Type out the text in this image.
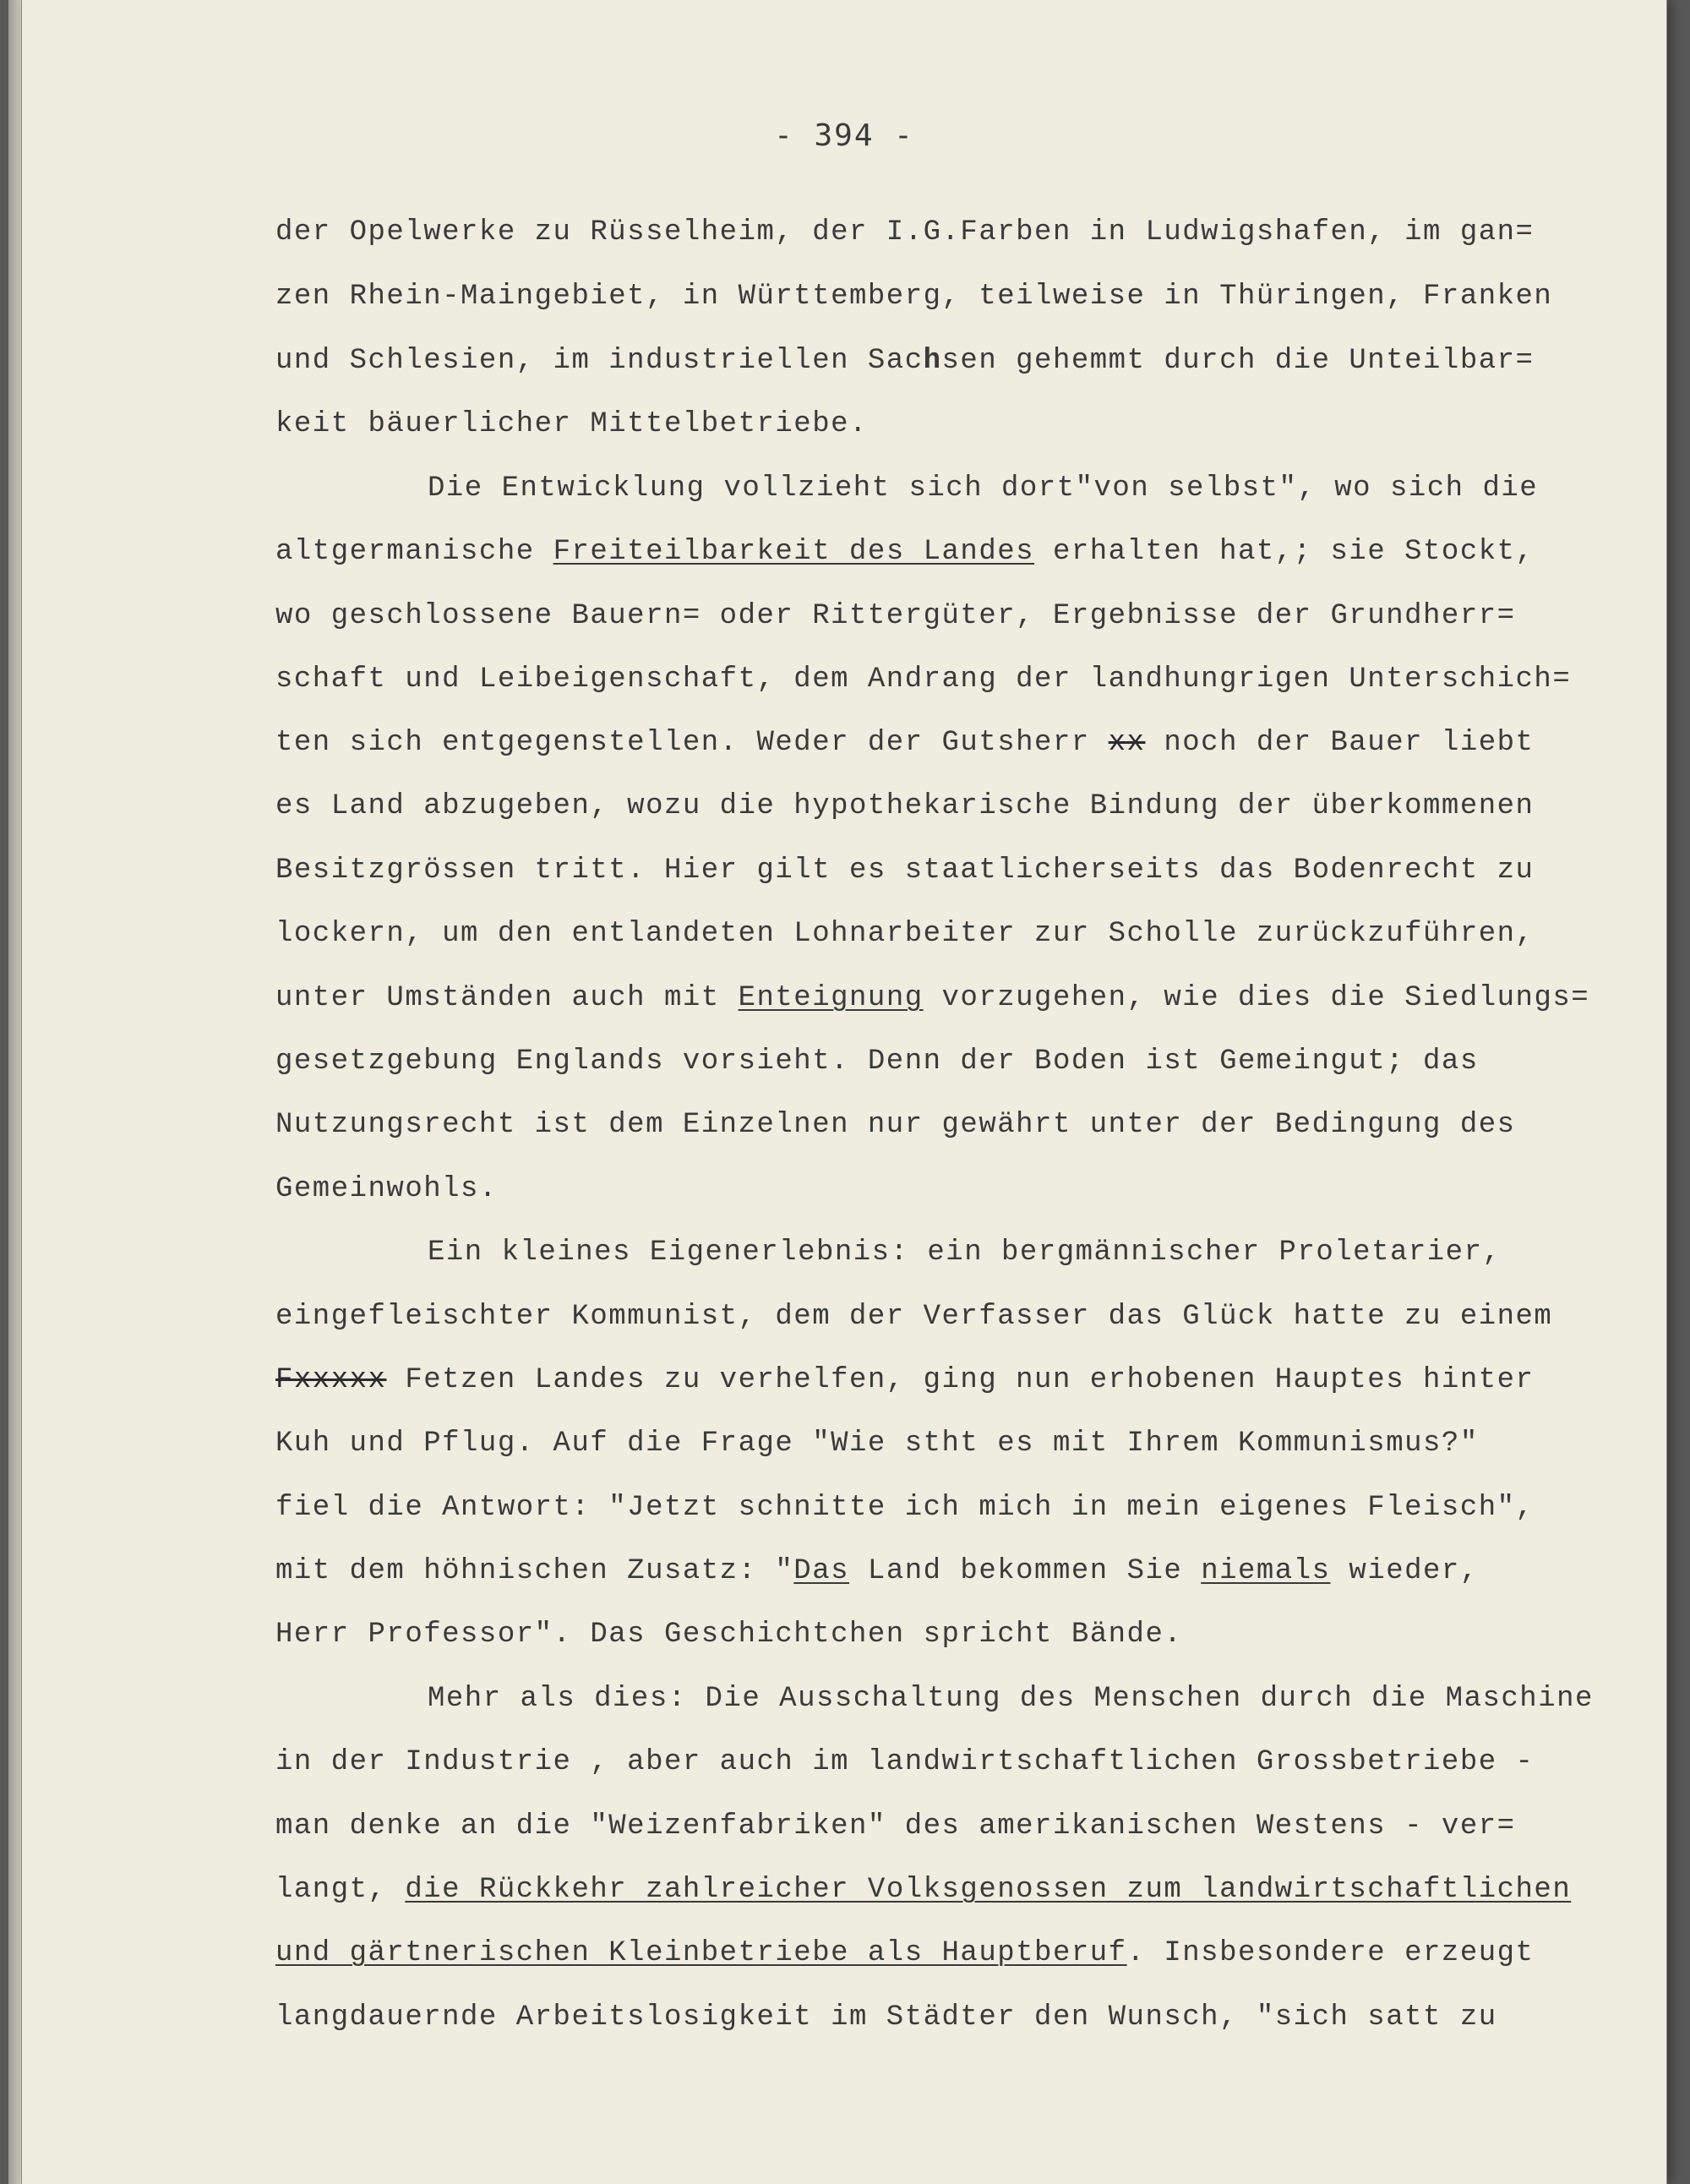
- 394 -
der Opelwerke zu Rüsselheim, der I.G.Farben in Ludwigshafen, im gan=
zen Rhein-Maingebiet, in Württemberg, teilweise in Thüringen, Franken
und Schlesien, im industriellen Sachsen gehemmt durch die Unteilbar=
keit bäuerlicher Mittelbetriebe.
Die Entwicklung vollzieht sich dort"von selbst", wo sich die
altgermanische Freiteilbarkeit des Landes erhalten hat,; sie Stockt,
wo geschlossene Bauern= oder Rittergüter, Ergebnisse der Grundherr=
schaft und Leibeigenschaft, dem Andrang der landhungrigen Unterschich=
ten sich entgegenstellen. Weder der Gutsherr xx noch der Bauer liebt
es Land abzugeben, wozu die hypothekarische Bindung der überkommenen
Besitzgrössen tritt. Hier gilt es staatlicherseits das Bodenrecht zu
lockern, um den entlandeten Lohnarbeiter zur Scholle zurückzuführen,
unter Umständen auch mit Enteignung vorzugehen, wie dies die Siedlungs=
gesetzgebung Englands vorsieht. Denn der Boden ist Gemeingut; das
Nutzungsrecht ist dem Einzelnen nur gewährt unter der Bedingung des
Gemeinwohls.
Ein kleines Eigenerlebnis: ein bergmännischer Proletarier,
eingefleischter Kommunist, dem der Verfasser das Glück hatte zu einem
Fxxxxx Fetzen Landes zu verhelfen, ging nun erhobenen Hauptes hinter
Kuh und Pflug. Auf die Frage "Wie stht es mit Ihrem Kommunismus?"
fiel die Antwort: "Jetzt schnitte ich mich in mein eigenes Fleisch",
mit dem höhnischen Zusatz: "Das Land bekommen Sie niemals wieder,
Herr Professor". Das Geschichtchen spricht Bände.
Mehr als dies: Die Ausschaltung des Menschen durch die Maschine
in der Industrie , aber auch im landwirtschaftlichen Grossbetriebe -
man denke an die "Weizenfabriken" des amerikanischen Westens - ver=
langt, die Rückkehr zahlreicher Volksgenossen zum landwirtschaftlichen
und gärtnerischen Kleinbetriebe als Hauptberuf. Insbesondere erzeugt
langdauernde Arbeitslosigkeit im Städter den Wunsch, "sich satt zu
